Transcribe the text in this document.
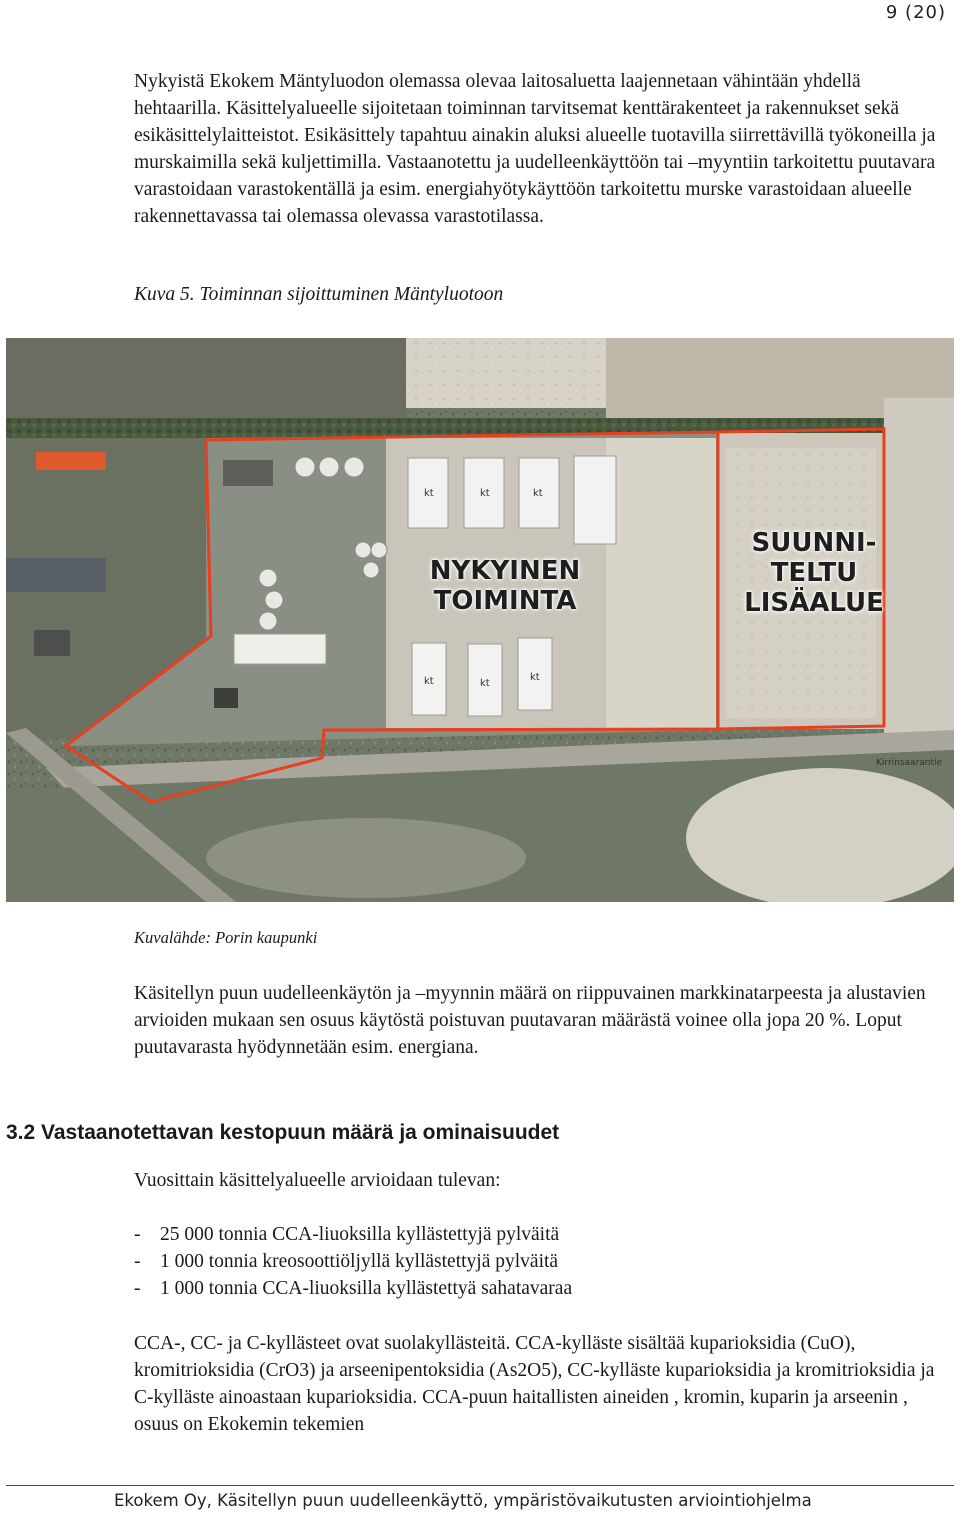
9 (20)

Nykyistä Ekokem Mäntyluodon olemassa olevaa laitosaluetta laajennetaan vähintään yhdellä hehtaarilla. Käsittelyalueelle sijoitetaan toiminnan tarvitsemat kenttärakenteet ja rakennukset sekä esikäsittelylaitteistot. Esikäsittely tapahtuu ainakin aluksi alueelle tuotavilla siirrettävillä työkoneilla ja murskaimilla sekä kuljettimilla. Vastaanotettu ja uudelleenkäyttöön tai –myyntiin tarkoitettu puutavara varastoidaan varastokentällä ja esim. energiahyötykäyttöön tarkoitettu murske varastoidaan alueelle rakennettavassa tai olemassa olevassa varastotilassa.

Kuva 5. Toiminnan sijoittuminen Mäntyluotoon

kt	kt	kt
kt	kt
kt
NYKYINEN
TOIMINTA
SUUNNI-
TELTU
LISÄALUE
Kirrinsaarantie

Kuvalähde: Porin kaupunki

Käsitellyn puun uudelleenkäytön ja –myynnin määrä on riippuvainen markkinatarpeesta ja alustavien arvioiden mukaan sen osuus käytöstä poistuvan puutavaran määrästä voinee olla jopa 20 %. Loput puutavarasta hyödynnetään esim. energiana.

3.2 Vastaanotettavan kestopuun määrä ja ominaisuudet

Vuosittain käsittelyalueelle arvioidaan tulevan:

- 25 000 tonnia CCA-liuoksilla kyllästettyjä pylväitä
- 1 000 tonnia kreosoottiöljyllä kyllästettyjä pylväitä
- 1 000 tonnia CCA-liuoksilla kyllästettyä sahatavaraa

CCA-, CC- ja C-kyllästeet ovat suolakyllästeitä. CCA-kylläste sisältää kuparioksidia (CuO), kromitrioksidia (CrO3) ja arseenipentoksidia (As2O5), CC-kylläste kuparioksidia ja kromitrioksidia ja C-kylläste ainoastaan kuparioksidia. CCA-puun haitallisten aineiden , kromin, kuparin ja arseenin , osuus on Ekokemin tekemien

Ekokem Oy, Käsitellyn puun uudelleenkäyttö, ympäristövaikutusten arviointiohjelma
